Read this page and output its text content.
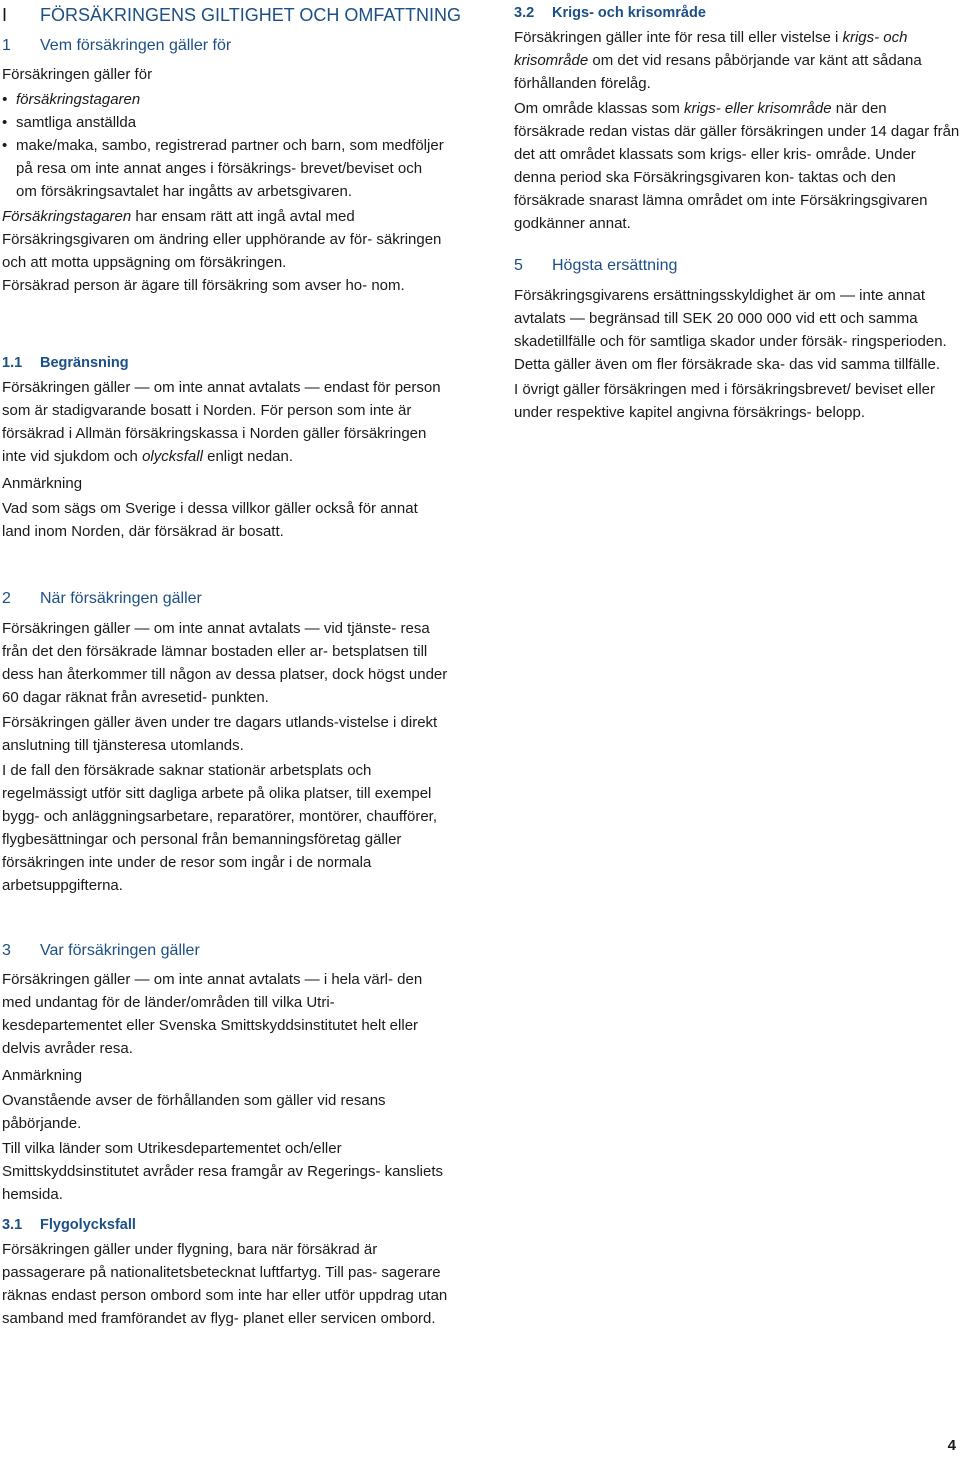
I FÖRSÄKRINGENS GILTIGHET OCH OMFATTNING
1 Vem försäkringen gäller för

Försäkringen gäller för

• försäkringstagaren
• samtliga anställda
• make/maka, sambo, registrerad partner och barn, som medföljer på resa om inte annat anges i försäkrings- brevet/beviset och om försäkringsavtalet har ingåtts av arbetsgivaren.

Försäkringstagaren har ensam rätt att ingå avtal med Försäkringsgivaren om ändring eller upphörande av för- säkringen och att motta uppsägning om försäkringen.

Försäkrad person är ägare till försäkring som avser ho- nom.

1.1 Begränsning

Försäkringen gäller — om inte annat avtalats — endast för person som är stadigvarande bosatt i Norden. För person som inte är försäkrad i Allmän försäkringskassa i Norden gäller försäkringen inte vid sjukdom och olycksfall enligt nedan.

Anmärkning

Vad som sägs om Sverige i dessa villkor gäller också för annat land inom Norden, där försäkrad är bosatt.

2 När försäkringen gäller

Försäkringen gäller — om inte annat avtalats — vid tjänste- resa från det den försäkrade lämnar bostaden eller ar- betsplatsen till dess han återkommer till någon av dessa platser, dock högst under 60 dagar räknat från avresetid- punkten.

Försäkringen gäller även under tre dagars utlands-vistelse i direkt anslutning till tjänsteresa utomlands.

I de fall den försäkrade saknar stationär arbetsplats och regelmässigt utför sitt dagliga arbete på olika platser, till exempel bygg- och anläggningsarbetare, reparatörer, montörer, chaufförer, flygbesättningar och personal från bemanningsföretag gäller försäkringen inte under de resor som ingår i de normala arbetsuppgifterna.

3 Var försäkringen gäller

Försäkringen gäller — om inte annat avtalats — i hela värl- den med undantag för de länder/områden till vilka Utri- kesdepartementet eller Svenska Smittskyddsinstitutet helt eller delvis avråder resa.

Anmärkning

Ovanstående avser de förhållanden som gäller vid resans påbörjande.

Till vilka länder som Utrikesdepartementet och/eller Smittskyddsinstitutet avråder resa framgår av Regerings- kansliets hemsida.

3.1 Flygolycksfall

Försäkringen gäller under flygning, bara när försäkrad är passagerare på nationalitetsbetecknat luftfartyg. Till pas- sagerare räknas endast person ombord som inte har eller utför uppdrag utan samband med framförandet av flyg- planet eller servicen ombord.

3.2 Krigs- och krisområde

Försäkringen gäller inte för resa till eller vistelse i krigs- och krisområde om det vid resans påbörjande var känt att sådana förhållanden förelåg.

Om område klassas som krigs- eller krisområde när den försäkrade redan vistas där gäller försäkringen under 14 dagar från det att området klassats som krigs- eller kris- område. Under denna period ska Försäkringsgivaren kon- taktas och den försäkrade snarast lämna området om inte Försäkringsgivaren godkänner annat.

5 Högsta ersättning

Försäkringsgivarens ersättningsskyldighet är om — inte annat avtalats — begränsad till SEK 20 000 000 vid ett och samma skadetillfälle och för samtliga skador under försäk- ringsperioden. Detta gäller även om fler försäkrade ska- das vid samma tillfälle.

I övrigt gäller försäkringen med i försäkringsbrevet/ beviset eller under respektive kapitel angivna försäkrings- belopp.

4
